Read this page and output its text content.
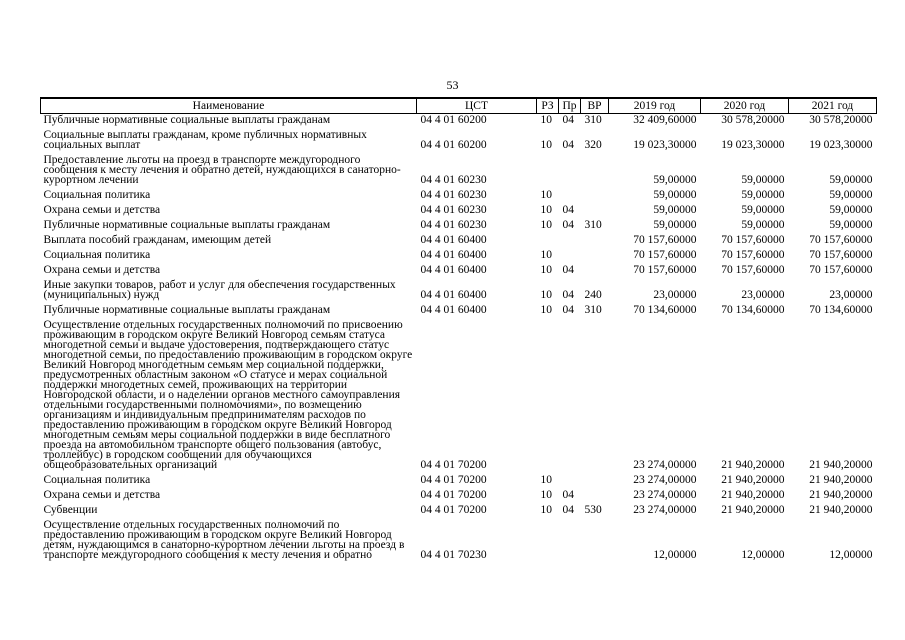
53
Наименование	ЦСТ	РЗ	Пр	ВР	2019 год	2020 год	2021 год
Публичные нормативные социальные выплаты гражданам	04 4 01 60200	10	04	310	32 409,60000	30 578,20000	30 578,20000
Социальные выплаты гражданам, кроме публичных нормативных социальных выплат	04 4 01 60200	10	04	320	19 023,30000	19 023,30000	19 023,30000
Предоставление льготы на проезд в транспорте междугородного сообщения к месту лечения и обратно детей, нуждающихся в санаторно-курортном лечении	04 4 01 60230				59,00000	59,00000	59,00000
Социальная политика	04 4 01 60230	10			59,00000	59,00000	59,00000
Охрана семьи и детства	04 4 01 60230	10	04		59,00000	59,00000	59,00000
Публичные нормативные социальные выплаты гражданам	04 4 01 60230	10	04	310	59,00000	59,00000	59,00000
Выплата пособий гражданам, имеющим детей	04 4 01 60400				70 157,60000	70 157,60000	70 157,60000
Социальная политика	04 4 01 60400	10			70 157,60000	70 157,60000	70 157,60000
Охрана семьи и детства	04 4 01 60400	10	04		70 157,60000	70 157,60000	70 157,60000
Иные закупки товаров, работ и услуг для обеспечения государственных (муниципальных) нужд	04 4 01 60400	10	04	240	23,00000	23,00000	23,00000
Публичные нормативные социальные выплаты гражданам	04 4 01 60400	10	04	310	70 134,60000	70 134,60000	70 134,60000
Осуществление отдельных государственных полномочий по присвоению проживающим в городском округе Великий Новгород семьям статуса многодетной семьи и выдаче удостоверения, подтверждающего статус многодетной семьи, по предоставлению проживающим в городском округе Великий Новгород многодетным семьям мер социальной поддержки, предусмотренных областным законом «О статусе и мерах социальной поддержки многодетных семей, проживающих на территории Новгородской области, и о наделении органов местного самоуправления отдельными государственными полномочиями», по возмещению организациям и индивидуальным предпринимателям расходов по предоставлению проживающим в городском округе Великий Новгород многодетным семьям меры социальной поддержки в виде бесплатного проезда на автомобильном транспорте общего пользования (автобус, троллейбус) в городском сообщении для обучающихся общеобразовательных организаций	04 4 01 70200				23 274,00000	21 940,20000	21 940,20000
Социальная политика	04 4 01 70200	10			23 274,00000	21 940,20000	21 940,20000
Охрана семьи и детства	04 4 01 70200	10	04		23 274,00000	21 940,20000	21 940,20000
Субвенции	04 4 01 70200	10	04	530	23 274,00000	21 940,20000	21 940,20000
Осуществление отдельных государственных полномочий по предоставлению проживающим в городском округе Великий Новгород детям, нуждающимся в санаторно-курортном лечении льготы на проезд в транспорте междугородного сообщения к месту лечения и обратно	04 4 01 70230				12,00000	12,00000	12,00000
